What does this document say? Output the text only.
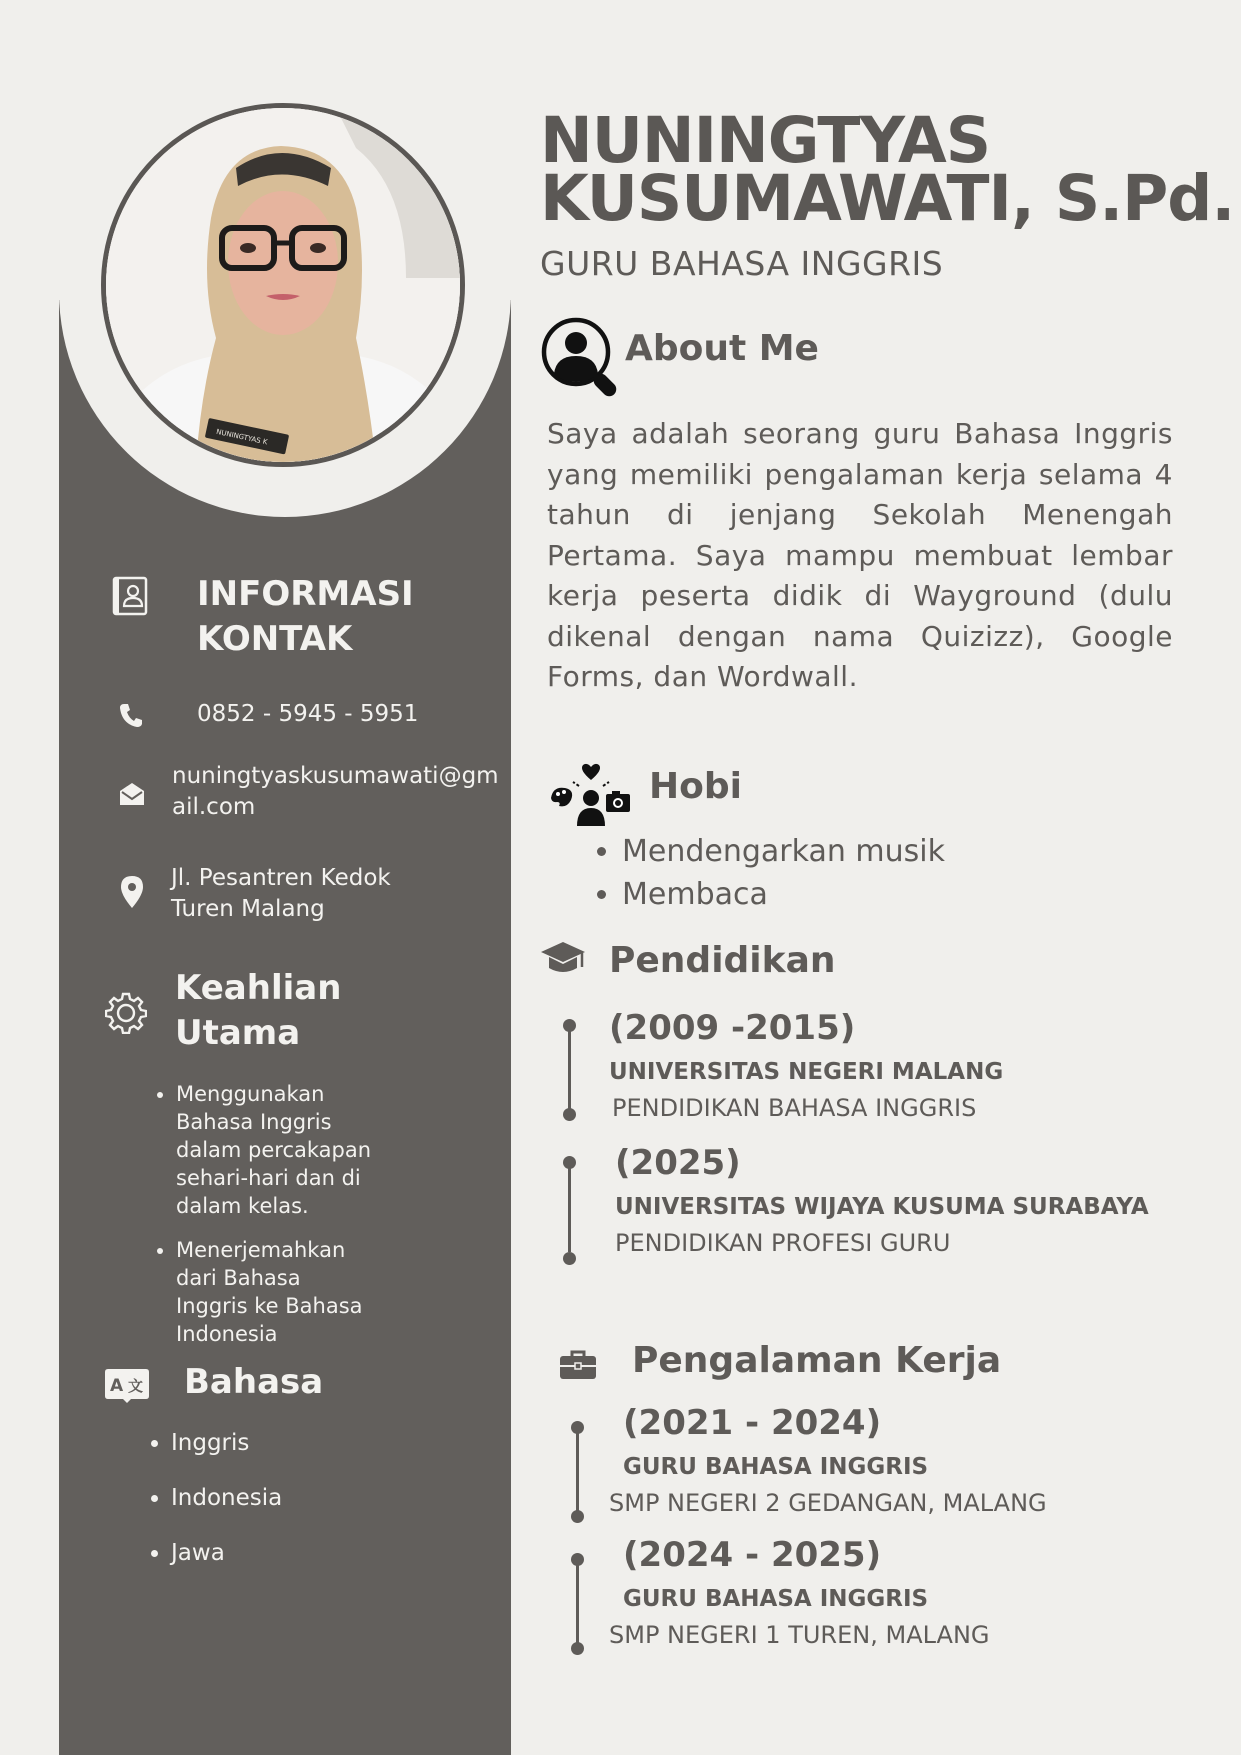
NUNINGTYAS K
INFORMASI
KONTAK
0852 - 5945 - 5951
nuningtyaskusumawati@gm
ail.com
Jl. Pesantren Kedok
Turen Malang
Keahlian
Utama
• Menggunakan
Bahasa Inggris
dalam percakapan
sehari-hari dan di
dalam kelas.
• Menerjemahkan
dari Bahasa
Inggris ke Bahasa
Indonesia
A 文 Bahasa
• Inggris
• Indonesia
• Jawa
NUNINGTYAS
KUSUMAWATI, S.Pd.
GURU BAHASA INGGRIS
About Me
Saya adalah seorang guru Bahasa Inggris yang memiliki pengalaman kerja selama 4 tahun di jenjang Sekolah Menengah Pertama. Saya mampu membuat lembar kerja peserta didik di Wayground (dulu dikenal dengan nama Quizizz), Google Forms, dan Wordwall.
Hobi
• Mendengarkan musik
• Membaca
Pendidikan
(2009 -2015)
UNIVERSITAS NEGERI MALANG
PENDIDIKAN BAHASA INGGRIS
(2025)
UNIVERSITAS WIJAYA KUSUMA SURABAYA
PENDIDIKAN PROFESI GURU
Pengalaman Kerja
(2021 - 2024)
GURU BAHASA INGGRIS
SMP NEGERI 2 GEDANGAN, MALANG
(2024 - 2025)
GURU BAHASA INGGRIS
SMP NEGERI 1 TUREN, MALANG
